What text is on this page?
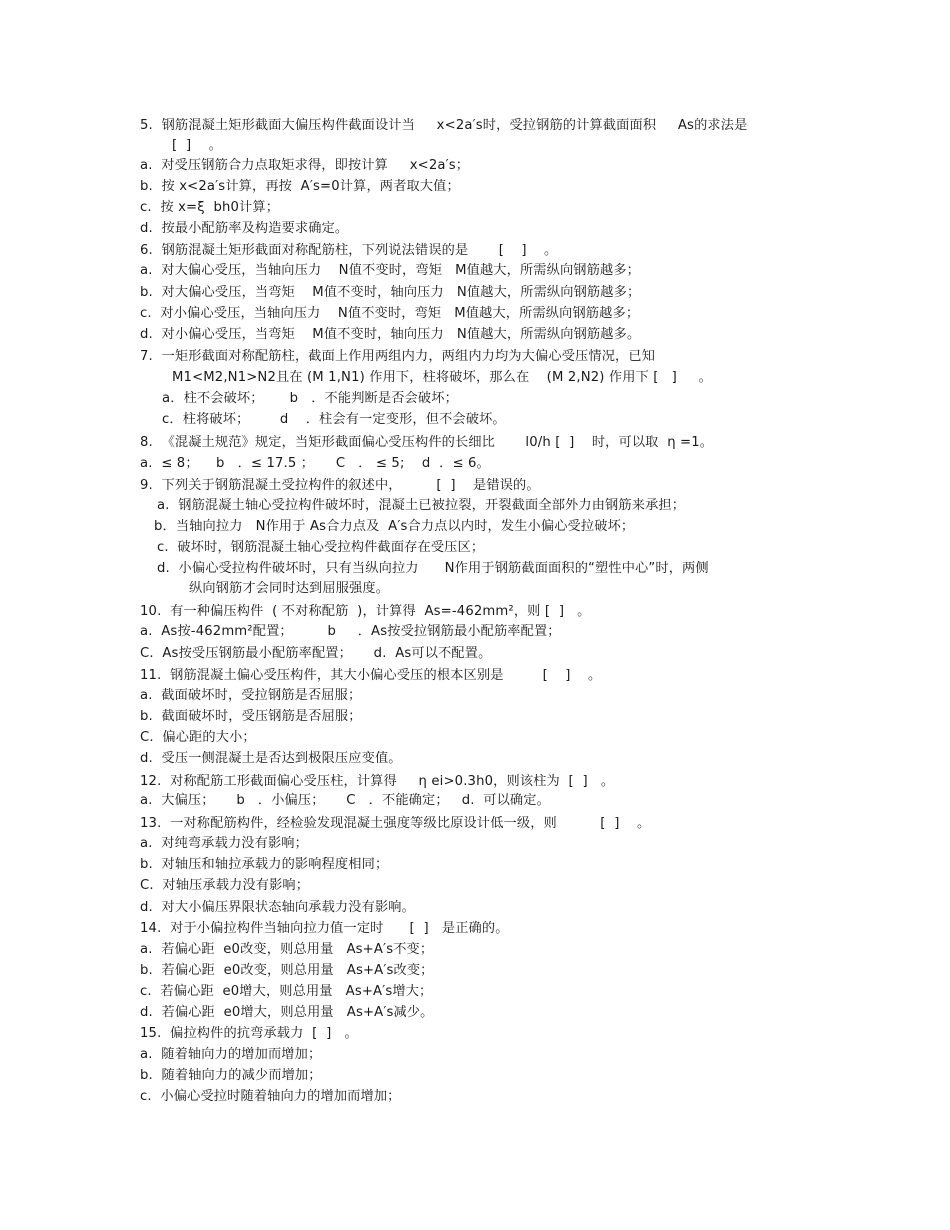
5.  钢筋混凝土矩形截面大偏压构件截面设计当     x<2a′s时，受拉钢筋的计算截面面积     As的求法是
[  ]    。
a.  对受压钢筋合力点取矩求得，即按计算     x<2a′s；
b.  按 x<2a′s计算，再按  A′s=0计算，两者取大值；
c.  按 x=ξ  bh0计算；
d.  按最小配筋率及构造要求确定。
6.  钢筋混凝土矩形截面对称配筋柱，下列说法错误的是       [    ]    。
a.  对大偏心受压，当轴向压力    N值不变时，弯矩   M值越大，所需纵向钢筋越多；
b.  对大偏心受压，当弯矩    M值不变时，轴向压力   N值越大，所需纵向钢筋越多；
c.  对小偏心受压，当轴向压力    N值不变时，弯矩   M值越大，所需纵向钢筋越多；
d.  对小偏心受压，当弯矩    M值不变时，轴向压力   N值越大，所需纵向钢筋越多。
7.  一矩形截面对称配筋柱，截面上作用两组内力，两组内力均为大偏心受压情况，已知
M1<M2,N1>N2且在 (M 1,N1) 作用下，柱将破坏，那么在    (M 2,N2) 作用下 [   ]     。
a．柱不会破坏；      b   ．不能判断是否会破坏；
c．柱将破坏；       d    ．柱会有一定变形，但不会破坏。
8.  《混凝土规范》规定，当矩形截面偏心受压构件的长细比       l0/h [  ]    时，可以取  η =1。
a.  ≤ 8；    b   ．≤ 17.5 ；     C   ． ≤ 5;    d  ．≤ 6。
9.  下列关于钢筋混凝土受拉构件的叙述中，        [  ]    是错误的。
a.  钢筋混凝土轴心受拉构件破坏时，混凝土已被拉裂，开裂截面全部外力由钢筋来承担；
b．当轴向拉力   N作用于 As合力点及  A′s合力点以内时，发生小偏心受拉破坏；
c.  破坏时，钢筋混凝土轴心受拉构件截面存在受压区；
d.  小偏心受拉构件破坏时，只有当纵向拉力      N作用于钢筋截面面积的“塑性中心”时，两侧
纵向钢筋才会同时达到屈服强度。
10.  有一种偏压构件  ( 不对称配筋  )，计算得  As=-462mm²，则 [  ]   。
a.  As按-462mm²配置；        b     ．As按受拉钢筋最小配筋率配置；
C.  As按受压钢筋最小配筋率配置；     d.  As可以不配置。
11.  钢筋混凝土偏心受压构件，其大小偏心受压的根本区别是         [    ]    。
a.  截面破坏时，受拉钢筋是否屈服；
b.  截面破坏时，受压钢筋是否屈服；
C.  偏心距的大小；
d.  受压一侧混凝土是否达到极限压应变值。
12.  对称配筋工形截面偏心受压柱，计算得     η ei>0.3h0，则该柱为  [  ]   。
a.  大偏压；     b   ．小偏压；     C   ．不能确定；   d.  可以确定。
13.  一对称配筋构件，经检验发现混凝土强度等级比原设计低一级，则          [  ]    。
a.  对纯弯承载力没有影响；
b.  对轴压和轴拉承载力的影响程度相同；
C.  对轴压承载力没有影响；
d.  对大小偏压界限状态轴向承载力没有影响。
14.  对于小偏拉构件当轴向拉力值一定时      [  ]   是正确的。
a.  若偏心距  e0改变，则总用量   As+A′s不变；
b.  若偏心距  e0改变，则总用量   As+A′s改变；
c.  若偏心距  e0增大，则总用量   As+A′s增大；
d.  若偏心距  e0增大，则总用量   As+A′s减少。
15.  偏拉构件的抗弯承载力  [  ]   。
a.  随着轴向力的增加而增加；
b.  随着轴向力的减少而增加；
c.  小偏心受拉时随着轴向力的增加而增加；
